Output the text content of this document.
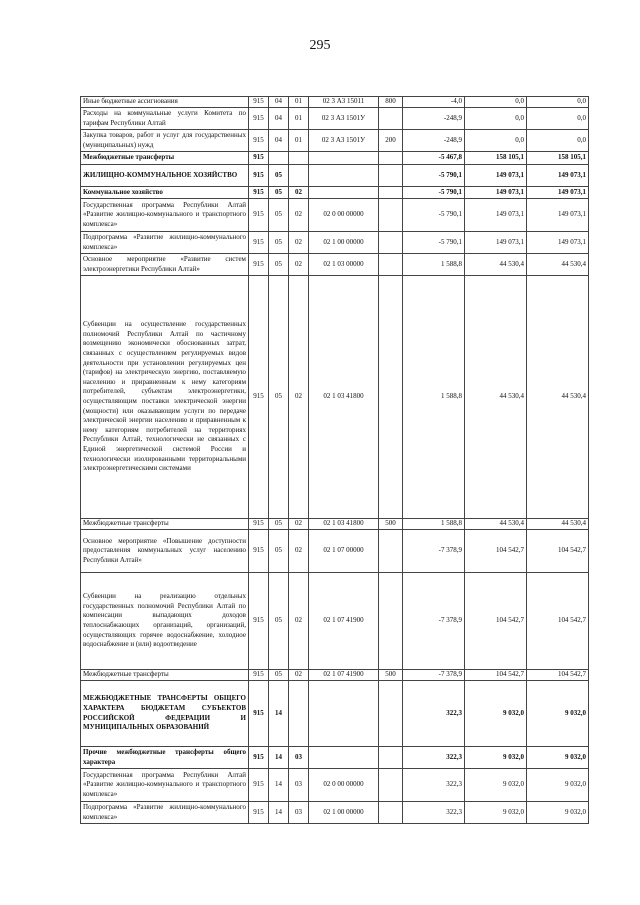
295
Иные бюджетные ассигнования	915	04	01	02 3 А3 15011	800	-4,0	0,0	0,0
Расходы на коммунальные услуги Комитета по тарифам Республики Алтай	915	04	01	02 3 А3 1501У		-248,9	0,0	0,0
Закупка товаров, работ и услуг для государственных (муниципальных) нужд	915	04	01	02 3 А3 1501У	200	-248,9	0,0	0,0
Межбюджетные трансферты	915					-5 467,8	158 105,1	158 105,1
ЖИЛИЩНО-КОММУНАЛЬНОЕ ХОЗЯЙСТВО	915	05				-5 790,1	149 073,1	149 073,1
Коммунальное хозяйство	915	05	02			-5 790,1	149 073,1	149 073,1
Государственная программа Республики Алтай «Развитие жилищно-коммунального и транспортного комплекса»	915	05	02	02 0 00 00000		-5 790,1	149 073,1	149 073,1
Подпрограмма «Развитие жилищно-коммунального комплекса»	915	05	02	02 1 00 00000		-5 790,1	149 073,1	149 073,1
Основное мероприятие «Развитие систем электроэнергетики Республики Алтай»	915	05	02	02 1 03 00000		1 588,8	44 530,4	44 530,4
Субвенции на осуществление государственных полномочий Республики Алтай по частичному возмещению экономически обоснованных затрат, связанных с осуществлением регулируемых видов деятельности при установлении регулируемых цен (тарифов) на электрическую энергию, поставляемую населению и приравненным к нему категориям потребителей, субъектам электроэнергетики, осуществляющим поставки электрической энергии (мощности) или оказывающим услуги по передаче электрической энергии населению и приравненным к нему категориям потребителей на территориях Республики Алтай, технологически не связанных с Единой энергетической системой России и технологически изолированными территориальными электроэнергетическими системами	915	05	02	02 1 03 41800		1 588,8	44 530,4	44 530,4
Межбюджетные трансферты	915	05	02	02 1 03 41800	500	1 588,8	44 530,4	44 530,4
Основное мероприятие «Повышение доступности предоставления коммунальных услуг населению Республики Алтай»	915	05	02	02 1 07 00000		-7 378,9	104 542,7	104 542,7
Субвенции на реализацию отдельных государственных полномочий Республики Алтай по компенсации выпадающих доходов теплоснабжающих организаций, организаций, осуществляющих горячее водоснабжение, холодное водоснабжение и (или) водоотведение	915	05	02	02 1 07 41900		-7 378,9	104 542,7	104 542,7
Межбюджетные трансферты	915	05	02	02 1 07 41900	500	-7 378,9	104 542,7	104 542,7
МЕЖБЮДЖЕТНЫЕ ТРАНСФЕРТЫ ОБЩЕГО ХАРАКТЕРА БЮДЖЕТАМ СУБЪЕКТОВ РОССИЙСКОЙ ФЕДЕРАЦИИ И МУНИЦИПАЛЬНЫХ ОБРАЗОВАНИЙ	915	14				322,3	9 032,0	9 032,0
Прочие межбюджетные трансферты общего характера	915	14	03			322,3	9 032,0	9 032,0
Государственная программа Республики Алтай «Развитие жилищно-коммунального и транспортного комплекса»	915	14	03	02 0 00 00000		322,3	9 032,0	9 032,0
Подпрограмма «Развитие жилищно-коммунального комплекса»	915	14	03	02 1 00 00000		322,3	9 032,0	9 032,0
